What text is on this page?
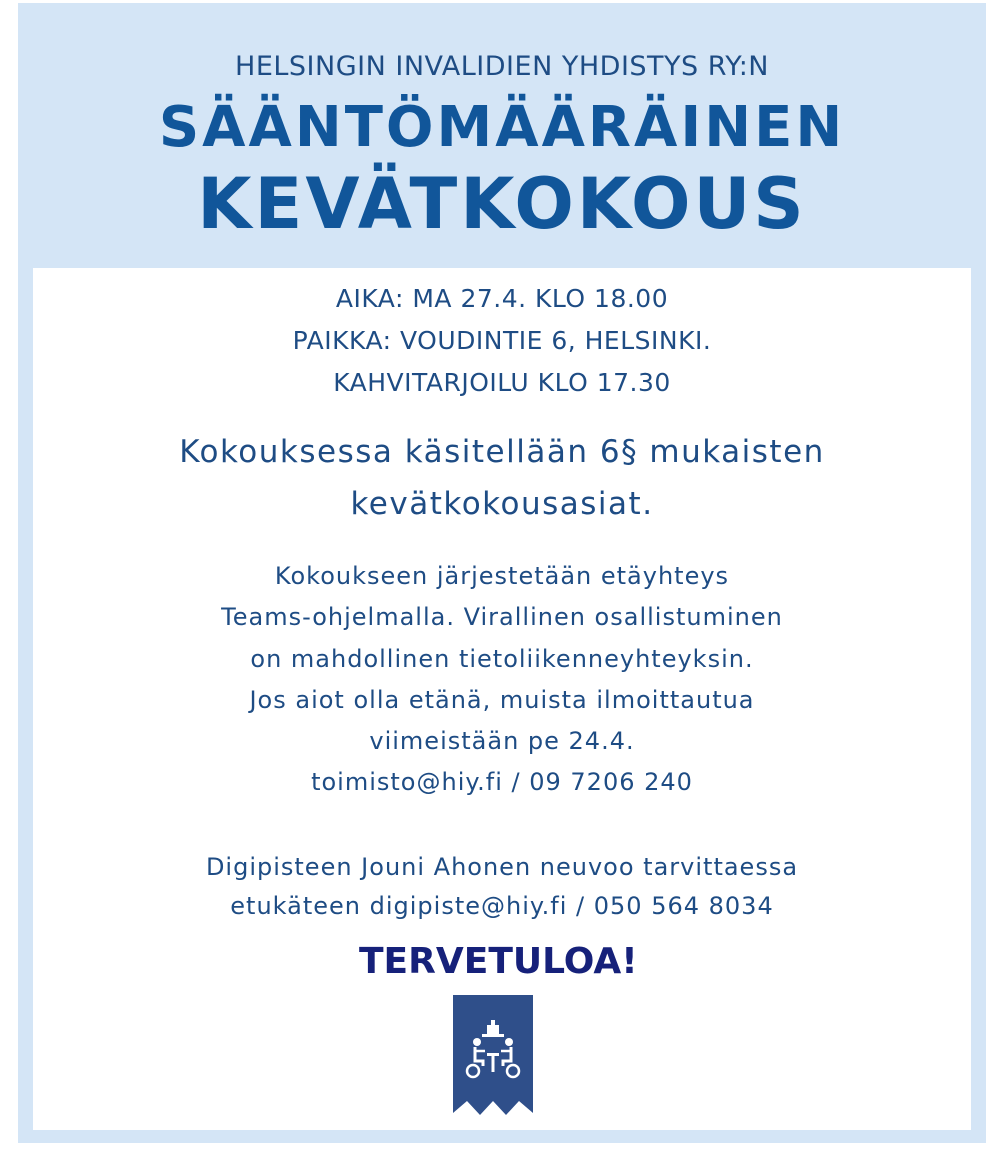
HELSINGIN INVALIDIEN YHDISTYS RY:N
SÄÄNTÖMÄÄRÄINEN
KEVÄTKOKOUS
AIKA: MA 27.4. KLO 18.00
PAIKKA: VOUDINTIE 6, HELSINKI.
KAHVITARJOILU KLO 17.30
Kokouksessa käsitellään 6§ mukaisten
kevätkokousasiat.
Kokoukseen järjestetään etäyhteys
Teams-ohjelmalla. Virallinen osallistuminen
on mahdollinen tietoliikenneyhteyksin.
Jos aiot olla etänä, muista ilmoittautua
viimeistään pe 24.4.
toimisto@hiy.fi / 09 7206 240
Digipisteen Jouni Ahonen neuvoo tarvittaessa
etukäteen digipiste@hiy.fi / 050 564 8034
TERVETULOA!
